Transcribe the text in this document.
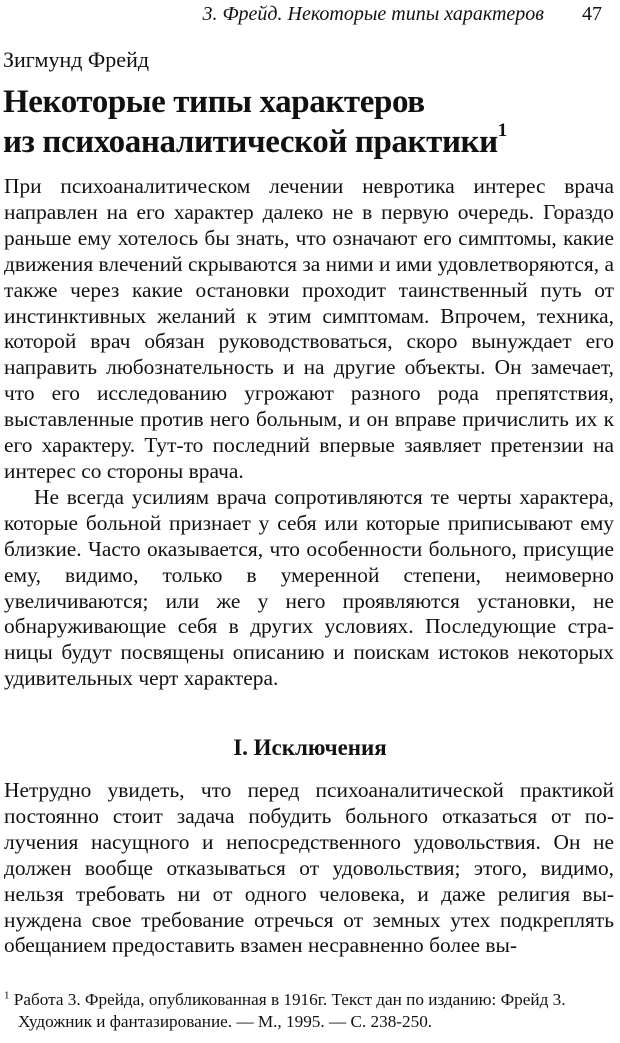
3. Фрейд. Некоторые типы характеров 47
Зигмунд Фрейд
Некоторые типы характеров
из психоаналитической практики$^1$

При психоаналитическом лечении невротика интерес врача направлен на его характер далеко не в первую очередь. Гораздо раньше ему хотелось бы знать, что означают его симптомы, какие движения влечений скрываются за ними и ими удовлетворяются, а также через какие остановки проходит таинственный путь от инстинктивных желаний к этим симптомам. Впрочем, техника, которой врач обязан руководствоваться, скоро вынуждает его направить любознательность и на другие объекты. Он замечает, что его исследованию угрожают разного рода препятствия, выставленные против него больным, и он вправе причислить их к его характеру. Тут-то последний впервые заявляет претензии на интерес со стороны врача.

Не всегда усилиям врача сопротивляются те черты характера, которые больной признает у себя или которые приписывают ему близкие. Часто оказывается, что особенности больного, присущие ему, видимо, только в умеренной степени, неимоверно увеличиваются; или же у него проявляются установки, не обнаруживающие себя в других условиях. Последующие страницы будут посвящены описанию и поискам истоков некоторых удивительных черт характера.

I. Исключения

Нетрудно увидеть, что перед психоаналитической практикой постоянно стоит задача побудить больного отказаться от получения насущного и непосредственного удовольствия. Он не должен вообще отказываться от удовольствия; этого, видимо, нельзя требовать ни от одного человека, и даже религия вынуждена свое требование отречься от земных утех подкреплять обещанием предоставить взамен несравненно более вы-

$^1$ Работа 3. Фрейда, опубликованная в 1916г. Текст дан по изданию: Фрейд 3.
Художник и фантазирование. — М., 1995. — С. 238-250.
